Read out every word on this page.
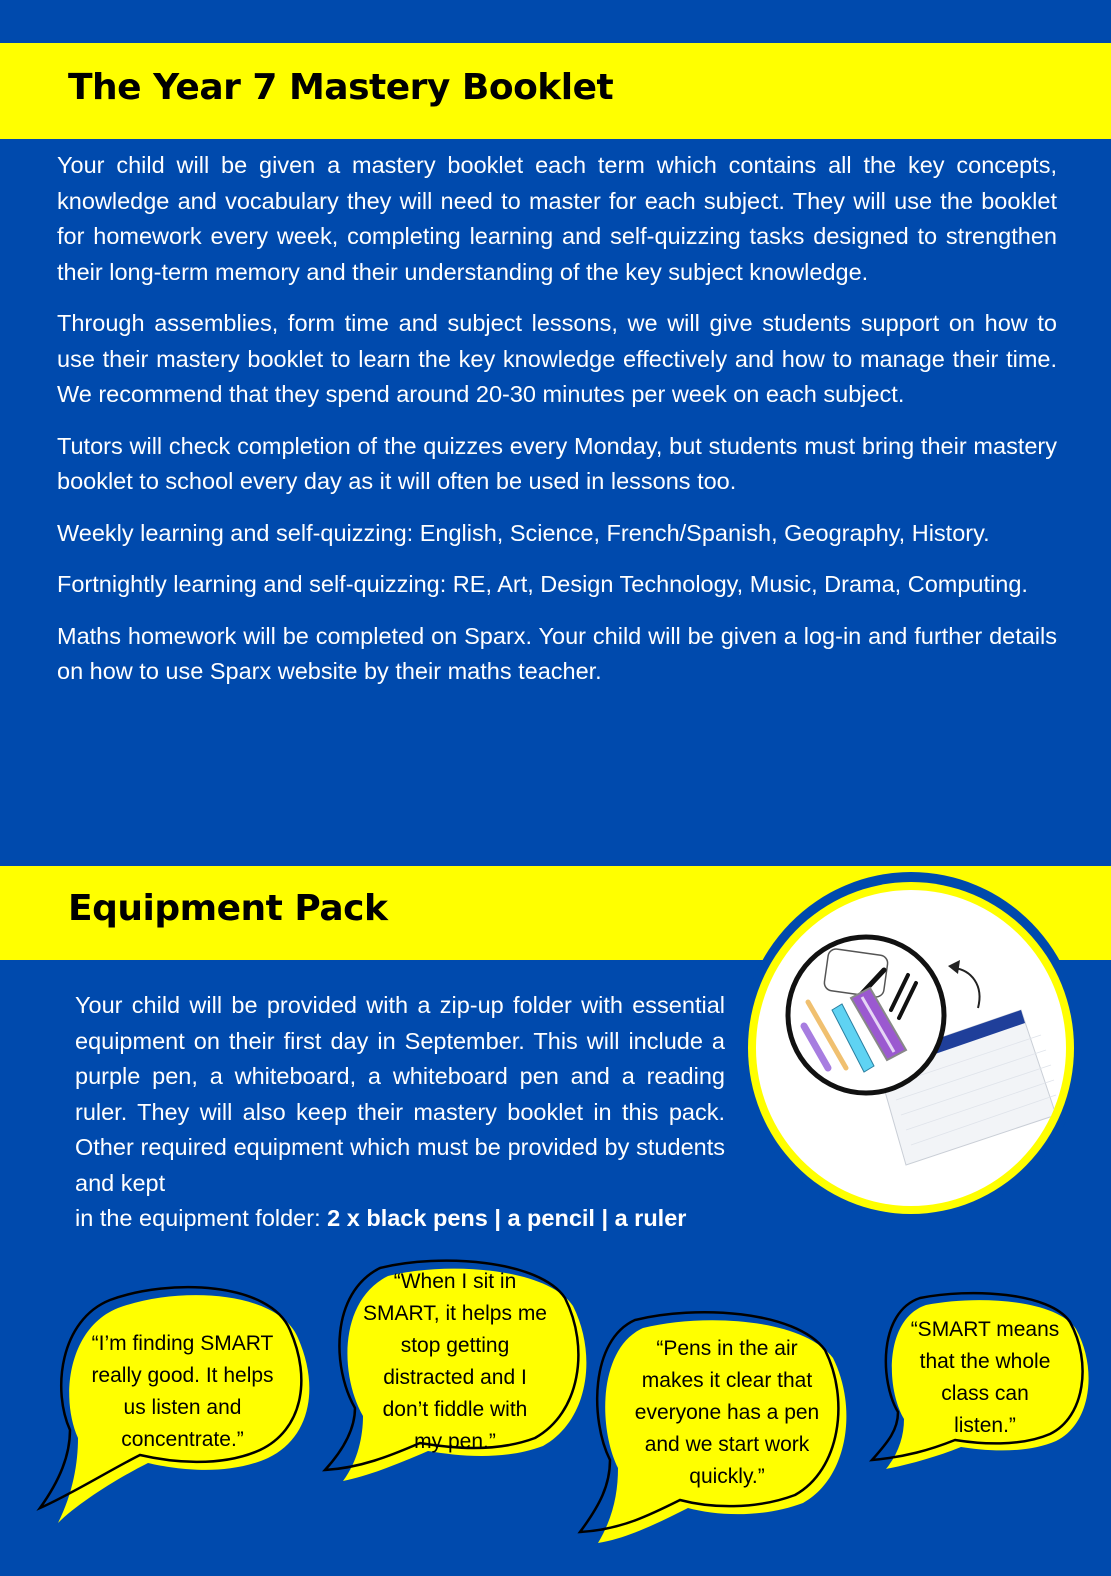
The Year 7 Mastery Booklet

Your child will be given a mastery booklet each term which contains all the key concepts, knowledge and vocabulary they will need to master for each subject. They will use the booklet for homework every week, completing learning and self-quizzing tasks designed to strengthen their long-term memory and their understanding of the key subject knowledge.

Through assemblies, form time and subject lessons, we will give students support on how to use their mastery booklet to learn the key knowledge effectively and how to manage their time. We recommend that they spend around 20-30 minutes per week on each subject.

Tutors will check completion of the quizzes every Monday, but students must bring their mastery booklet to school every day as it will often be used in lessons too.

Weekly learning and self-quizzing: English, Science, French/Spanish, Geography, History.

Fortnightly learning and self-quizzing: RE, Art, Design Technology, Music, Drama, Computing.

Maths homework will be completed on Sparx. Your child will be given a log-in and further details on how to use Sparx website by their maths teacher.

Equipment Pack

Your child will be provided with a zip-up folder with essential equipment on their first day in September. This will include a purple pen, a whiteboard, a whiteboard pen and a reading ruler. They will also keep their mastery booklet in this pack. Other required equipment which must be provided by students and kept

in the equipment folder: 2 x black pens | a pencil | a ruler
“I’m finding SMART
really good. It helps
us listen and
concentrate.”
“When I sit in
SMART, it helps me
stop getting
distracted and I
don’t fiddle with
my pen.”
“Pens in the air
makes it clear that
everyone has a pen
and we start work
quickly.”
“SMART means
that the whole
class can
listen.”
